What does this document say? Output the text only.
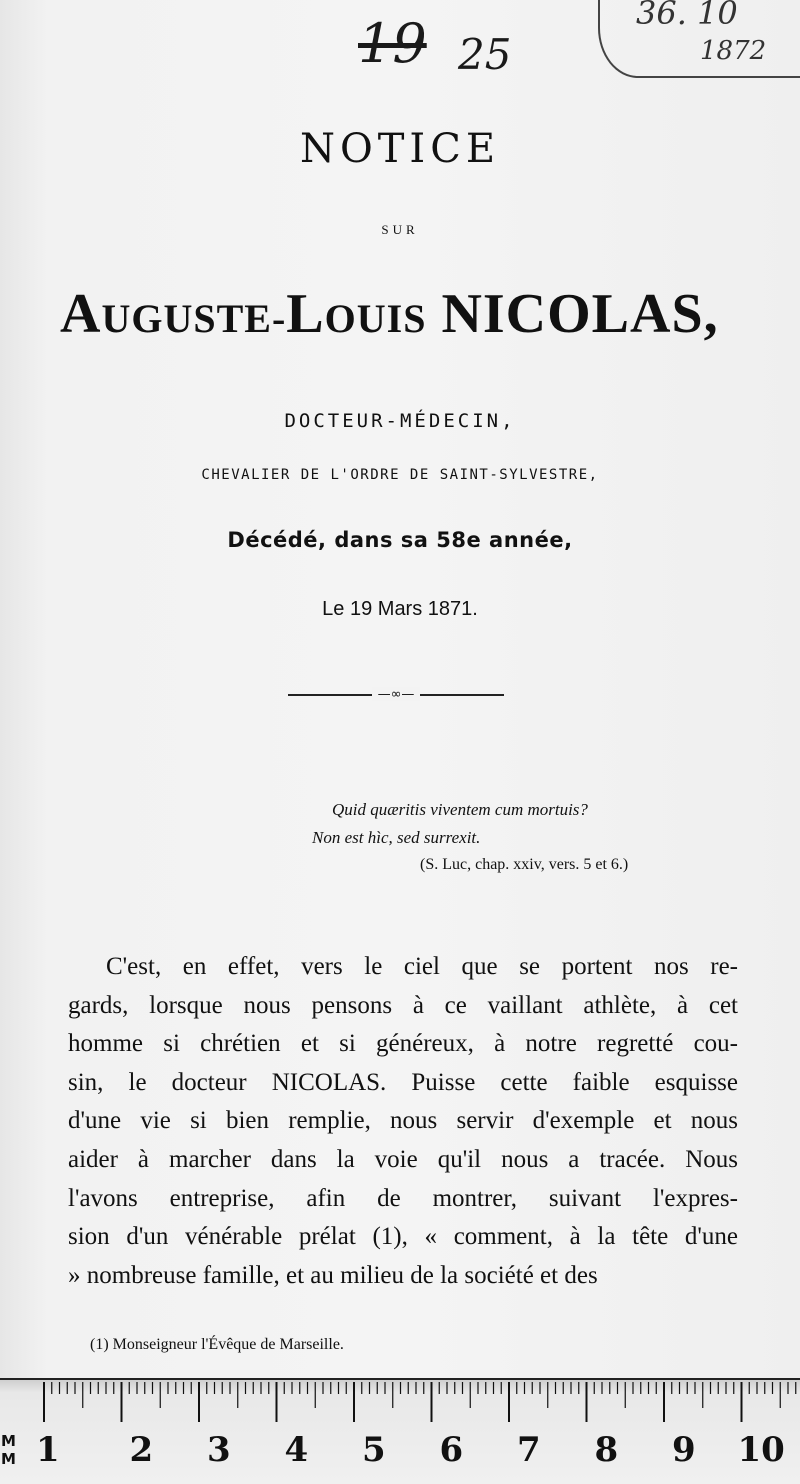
19 25
36. 10
1872
NOTICE
SUR
AUGUSTE-LOUIS NICOLAS,
DOCTEUR-MÉDECIN,
CHEVALIER DE L'ORDRE DE SAINT-SYLVESTRE,
Décédé, dans sa 58e année,
Le 19 Mars 1871.
—∞—
Quid quæritis viventem cum mortuis?
Non est hìc, sed surrexit.
(S. Luc, chap. xxiv, vers. 5 et 6.)
C'est, en effet, vers le ciel que se portent nos re-
gards, lorsque nous pensons à ce vaillant athlète, à cet
homme si chrétien et si généreux, à notre regretté cou-
sin, le docteur NICOLAS. Puisse cette faible esquisse
d'une vie si bien remplie, nous servir d'exemple et nous
aider à marcher dans la voie qu'il nous a tracée. Nous
l'avons entreprise, afin de montrer, suivant l'expres-
sion d'un vénérable prélat (1), « comment, à la tête d'une
» nombreuse famille, et au milieu de la société et des
(1) Monseigneur l'Évêque de Marseille.
M
M 1 2 3 4 5 6 7 8 9 10
